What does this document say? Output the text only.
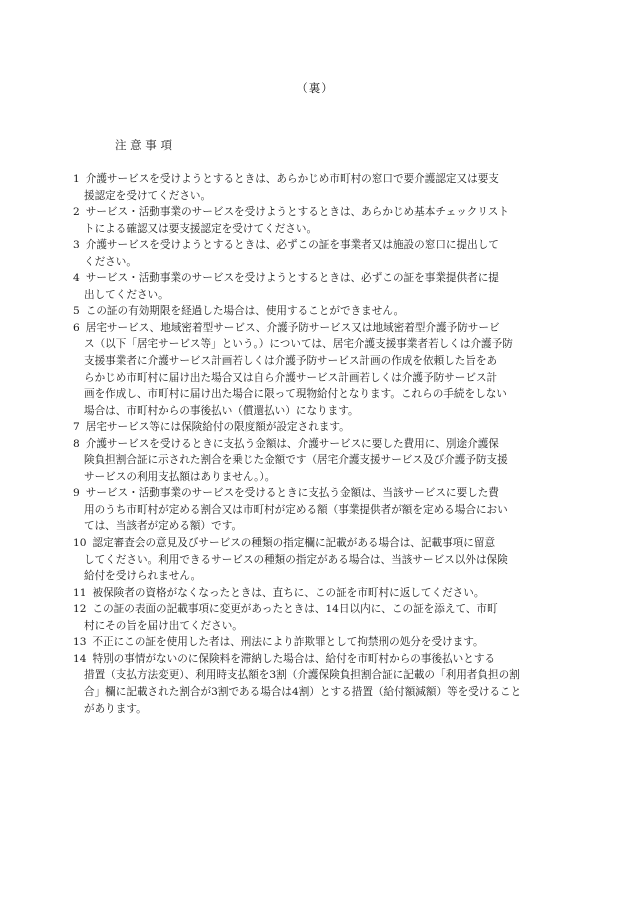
（裏）
注 意 事 項
1 介護サービスを受けようとするときは、あらかじめ市町村の窓口で要介護認定又は要支
援認定を受けてください。
2 サービス・活動事業のサービスを受けようとするときは、あらかじめ基本チェックリスト
トによる確認又は要支援認定を受けてください。
3 介護サービスを受けようとするときは、必ずこの証を事業者又は施設の窓口に提出して
ください。
4 サービス・活動事業のサービスを受けようとするときは、必ずこの証を事業提供者に提
出してください。
5 この証の有効期限を経過した場合は、使用することができません。
6 居宅サービス、地域密着型サービス、介護予防サービス又は地域密着型介護予防サービ
ス（以下「居宅サービス等」という。）については、居宅介護支援事業者若しくは介護予防
支援事業者に介護サービス計画若しくは介護予防サービス計画の作成を依頼した旨をあ
らかじめ市町村に届け出た場合又は自ら介護サービス計画若しくは介護予防サービス計
画を作成し、市町村に届け出た場合に限って現物給付となります。これらの手続をしない
場合は、市町村からの事後払い（償還払い）になります。
7 居宅サービス等には保険給付の限度額が設定されます。
8 介護サービスを受けるときに支払う金額は、介護サービスに要した費用に、別途介護保
険負担割合証に示された割合を乗じた金額です（居宅介護支援サービス及び介護予防支援
サービスの利用支払額はありません。）。
9 サービス・活動事業のサービスを受けるときに支払う金額は、当該サービスに要した費
用のうち市町村が定める割合又は市町村が定める額（事業提供者が額を定める場合におい
ては、当該者が定める額）です。
10 認定審査会の意見及びサービスの種類の指定欄に記載がある場合は、記載事項に留意
してください。利用できるサービスの種類の指定がある場合は、当該サービス以外は保険
給付を受けられません。
11 被保険者の資格がなくなったときは、直ちに、この証を市町村に返してください。
12 この証の表面の記載事項に変更があったときは、14日以内に、この証を添えて、市町
村にその旨を届け出てください。
13 不正にこの証を使用した者は、刑法により詐欺罪として拘禁刑の処分を受けます。
14 特別の事情がないのに保険料を滞納した場合は、給付を市町村からの事後払いとする
措置（支払方法変更）、利用時支払額を3割（介護保険負担割合証に記載の「利用者負担の割
合」欄に記載された割合が3割である場合は4割）とする措置（給付額減額）等を受けること
があります。
